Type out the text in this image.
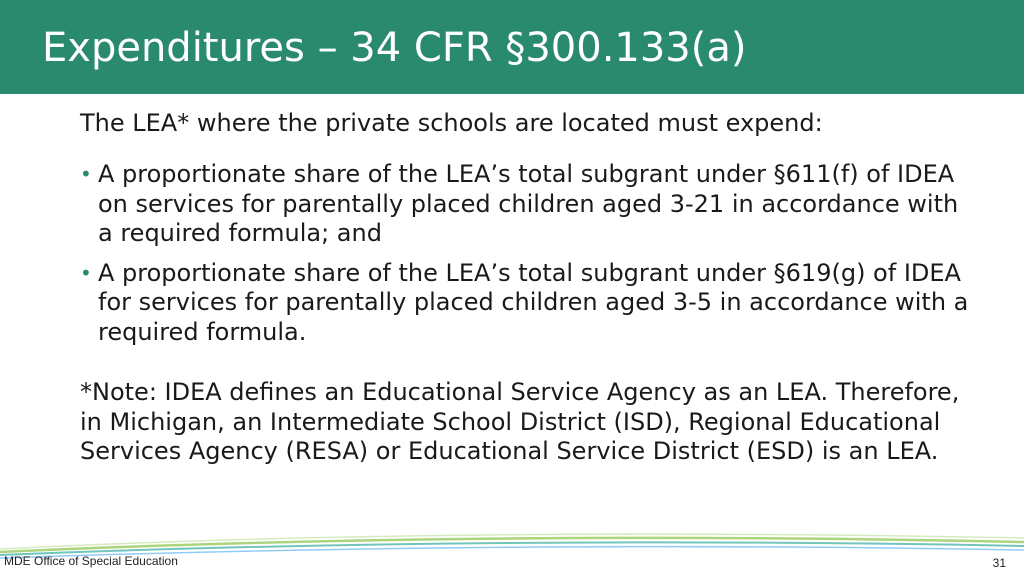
Expenditures – 34 CFR §300.133(a)

The LEA* where the private schools are located must expend:

• A proportionate share of the LEA’s total subgrant under §611(f) of IDEA on services for parentally placed children aged 3-21 in accordance with a required formula; and
• A proportionate share of the LEA’s total subgrant under §619(g) of IDEA for services for parentally placed children aged 3-5 in accordance with a required formula.

*Note: IDEA defines an Educational Service Agency as an LEA. Therefore, in Michigan, an Intermediate School District (ISD), Regional Educational Services Agency (RESA) or Educational Service District (ESD) is an LEA.

MDE Office of Special Education	31
